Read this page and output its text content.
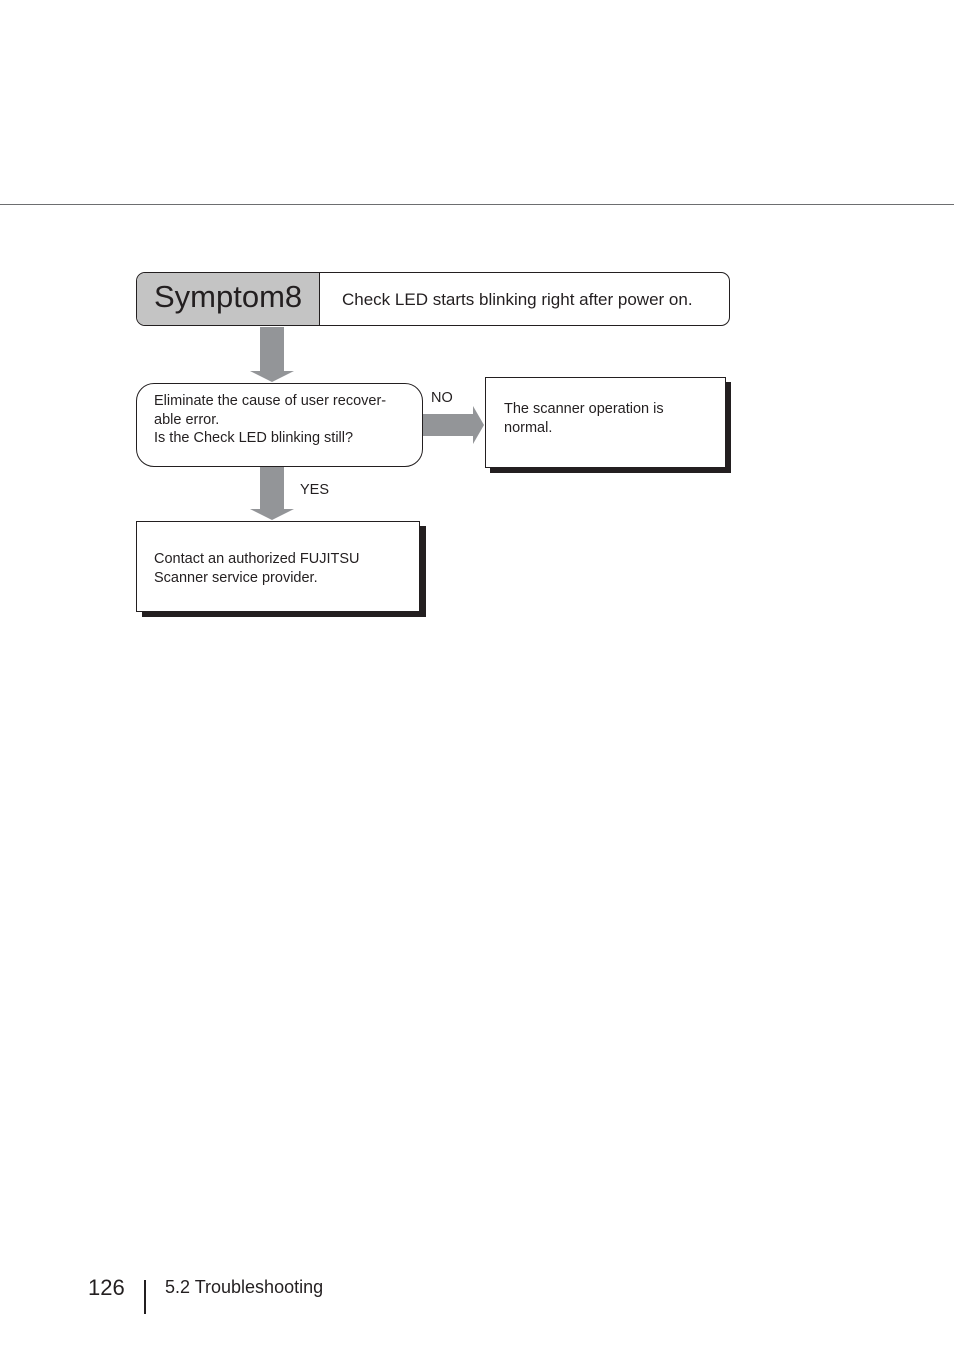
Symptom8 Check LED starts blinking right after power on.
Eliminate the cause of user recover-
able error.
Is the Check LED blinking still?
NO
The scanner operation is
normal.
YES
Contact an authorized FUJITSU
Scanner service provider.
126 5.2 Troubleshooting
